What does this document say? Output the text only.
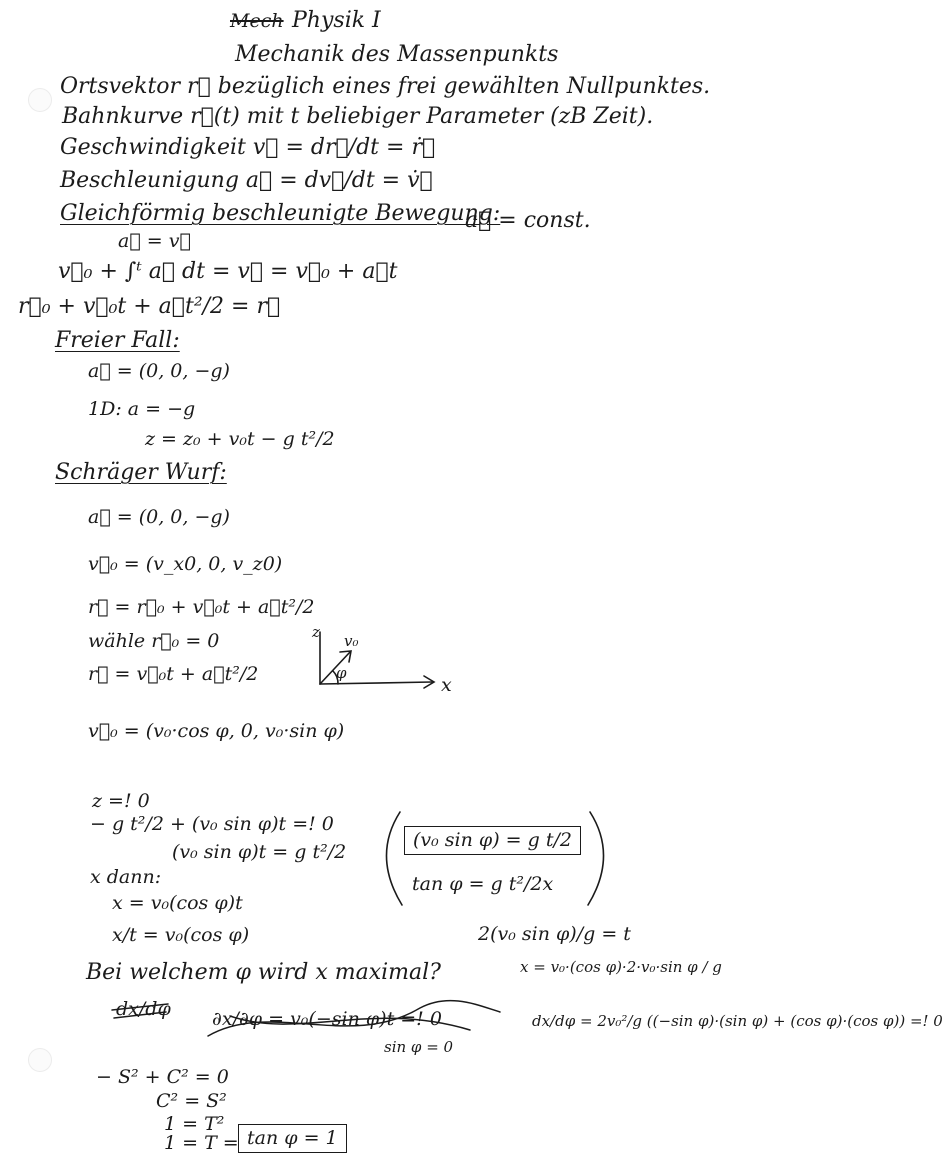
Mech Physik I
Mechanik des Massenpunkts
Ortsvektor r⃗ bezüglich eines frei gewählten Nullpunktes.
Bahnkurve r⃗(t) mit t beliebiger Parameter (zB Zeit).
Geschwindigkeit v⃗ = dr⃗/dt = ṙ⃗
Beschleunigung a⃗ = dv⃗/dt = v̇⃗
Gleichförmig beschleunigte Bewegung:
a⃗ = const.
a⃗ = v⃗
v⃗₀ + ∫ᵗ a⃗ dt = v⃗ = v⃗₀ + a⃗t
r⃗₀ + v⃗₀t + a⃗t²/2 = r⃗
Freier Fall:
a⃗ = (0, 0, −g)
1D: a = −g
z = z₀ + v₀t − g t²/2
Schräger Wurf:
a⃗ = (0, 0, −g)
v⃗₀ = (v_x0, 0, v_z0)
r⃗ = r⃗₀ + v⃗₀t + a⃗t²/2
wähle r⃗₀ = 0
r⃗ = v⃗₀t + a⃗t²/2
v⃗₀ = (v₀·cos φ, 0, v₀·sin φ)
z
x
v₀
φ
z =! 0
− g t²/2 + (v₀ sin φ)t =! 0
(v₀ sin φ)t = g t²/2
x dann:
x = v₀(cos φ)t
x/t = v₀(cos φ)
(v₀ sin φ) = g t/2
tan φ = g t²/2x
2(v₀ sin φ)/g = t
x = v₀·(cos φ)·2·v₀·sin φ / g
Bei welchem φ wird x maximal?
dx/dφ ∂x/∂φ = v₀(−sin φ)t =! 0
sin φ = 0
dx/dφ = 2v₀²/g ((−sin φ)·(sin φ) + (cos φ)·(cos φ)) =! 0
− S² + C² = 0
C² = S²
1 = T²
1 = T = tan φ = 1
